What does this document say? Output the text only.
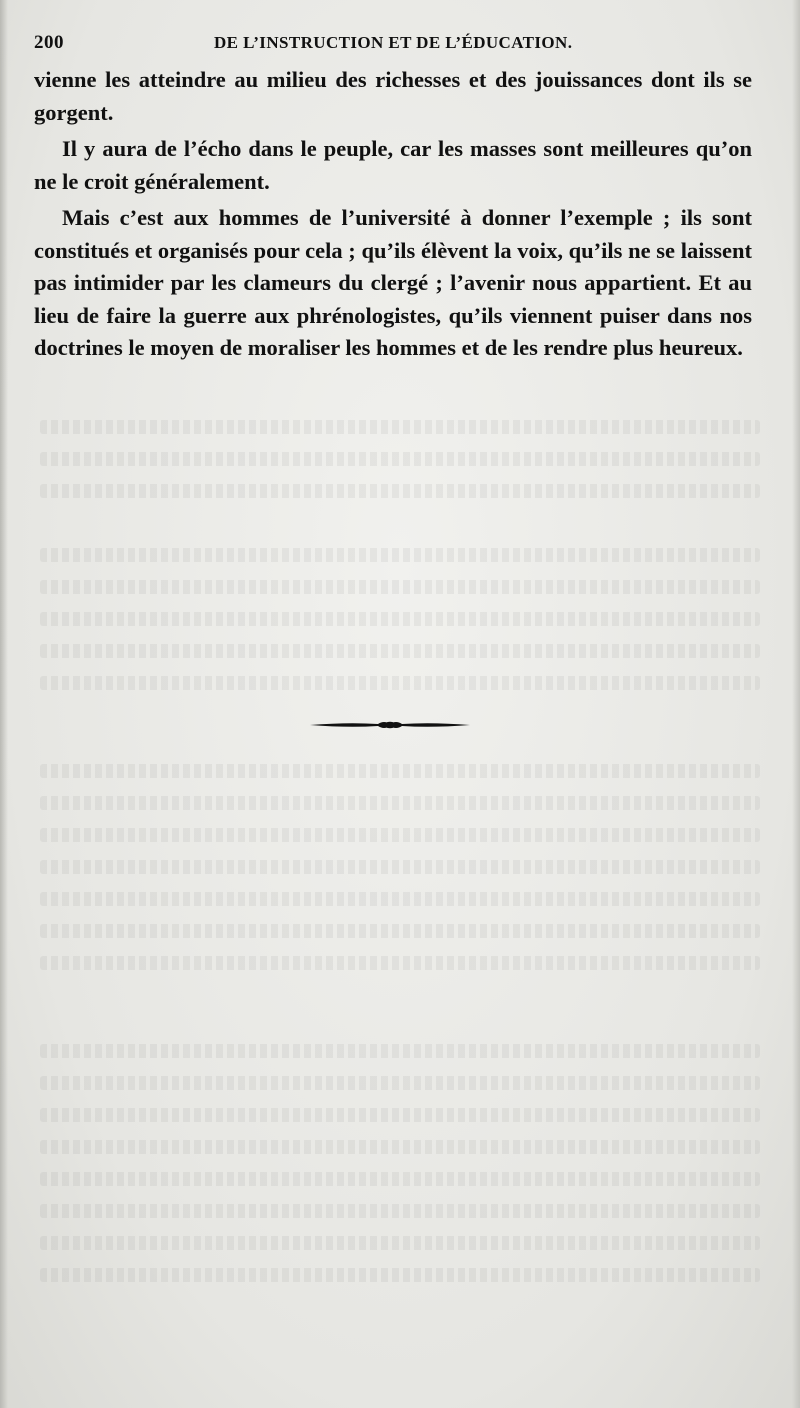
200	DE L’INSTRUCTION ET DE L’ÉDUCATION.

vienne les atteindre au milieu des richesses et des jouissances dont ils se gorgent.

Il y aura de l’écho dans le peuple, car les masses sont meilleures qu’on ne le croit généralement.

Mais c’est aux hommes de l’université à donner l’exemple ; ils sont constitués et organisés pour cela ; qu’ils élèvent la voix, qu’ils ne se laissent pas intimider par les clameurs du clergé ; l’avenir nous appartient. Et au lieu de faire la guerre aux phrénologistes, qu’ils viennent puiser dans nos doctrines le moyen de moraliser les hommes et de les rendre plus heureux.
